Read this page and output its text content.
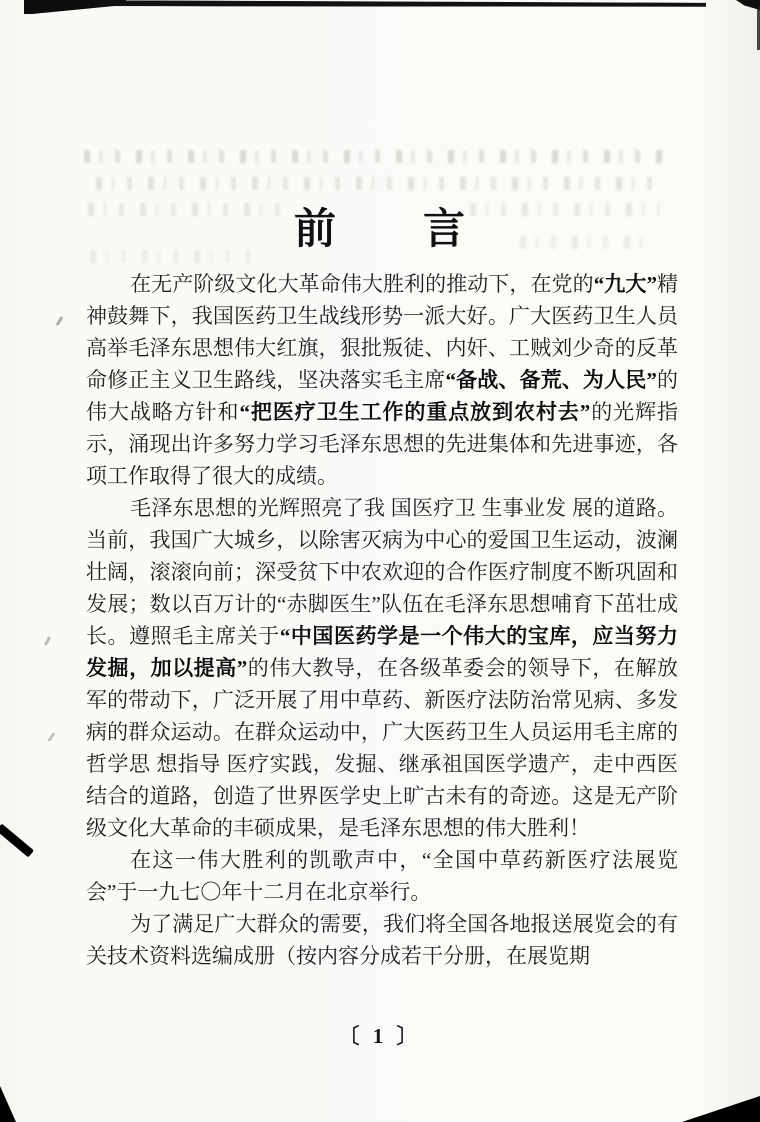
前　　言

在无产阶级文化大革命伟大胜利的推动下，在党的“九大”精神鼓舞下，我国医药卫生战线形势一派大好。广大医药卫生人员高举毛泽东思想伟大红旗，狠批叛徒、内奸、工贼刘少奇的反革命修正主义卫生路线，坚决落实毛主席“备战、备荒、为人民”的伟大战略方针和“把医疗卫生工作的重点放到农村去”的光辉指示，涌现出许多努力学习毛泽东思想的先进集体和先进事迹，各项工作取得了很大的成绩。

毛泽东思想的光辉照亮了我 国医疗卫 生事业发 展的道路。当前，我国广大城乡，以除害灭病为中心的爱国卫生运动，波澜壮阔，滚滚向前；深受贫下中农欢迎的合作医疗制度不断巩固和发展；数以百万计的“赤脚医生”队伍在毛泽东思想哺育下茁壮成长。遵照毛主席关于“中国医药学是一个伟大的宝库，应当努力发掘，加以提高”的伟大教导，在各级革委会的领导下，在解放军的带动下，广泛开展了用中草药、新医疗法防治常见病、多发病的群众运动。在群众运动中，广大医药卫生人员运用毛主席的哲学思 想指导 医疗实践，发掘、继承祖国医学遗产，走中西医结合的道路，创造了世界医学史上旷古未有的奇迹。这是无产阶级文化大革命的丰硕成果，是毛泽东思想的伟大胜利！

在这一伟大胜利的凯歌声中，“全国中草药新医疗法展览会”于一九七〇年十二月在北京举行。

为了满足广大群众的需要，我们将全国各地报送展览会的有关技术资料选编成册（按内容分成若干分册，在展览期

〔 1 〕
